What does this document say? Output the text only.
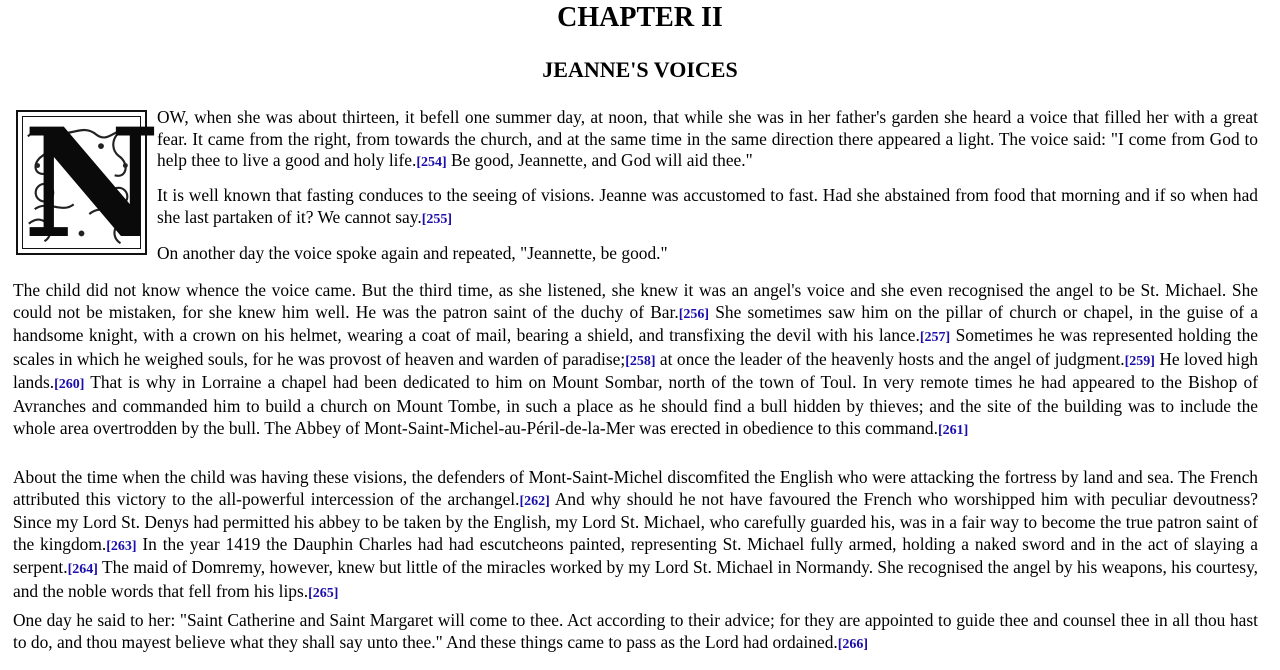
CHAPTER II
JEANNE'S VOICES
N

OW, when she was about thirteen, it befell one summer day, at noon, that while she was in her father's garden she heard a voice that filled her with a great fear. It came from the right, from towards the church, and at the same time in the same direction there appeared a light. The voice said: "I come from God to help thee to live a good and holy life.[254] Be good, Jeannette, and God will aid thee."

It is well known that fasting conduces to the seeing of visions. Jeanne was accustomed to fast. Had she abstained from food that morning and if so when had she last partaken of it? We cannot say.[255]

On another day the voice spoke again and repeated, "Jeannette, be good."

The child did not know whence the voice came. But the third time, as she listened, she knew it was an angel's voice and she even recognised the angel to be St. Michael. She could not be mistaken, for she knew him well. He was the patron saint of the duchy of Bar.[256] She sometimes saw him on the pillar of church or chapel, in the guise of a handsome knight, with a crown on his helmet, wearing a coat of mail, bearing a shield, and transfixing the devil with his lance.[257] Sometimes he was represented holding the scales in which he weighed souls, for he was provost of heaven and warden of paradise;[258] at once the leader of the heavenly hosts and the angel of judgment.[259] He loved high lands.[260] That is why in Lorraine a chapel had been dedicated to him on Mount Sombar, north of the town of Toul. In very remote times he had appeared to the Bishop of Avranches and commanded him to build a church on Mount Tombe, in such a place as he should find a bull hidden by thieves; and the site of the building was to include the whole area overtrodden by the bull. The Abbey of Mont-Saint-Michel-au-Péril-de-la-Mer was erected in obedience to this command.[261]

About the time when the child was having these visions, the defenders of Mont-Saint-Michel discomfited the English who were attacking the fortress by land and sea. The French attributed this victory to the all-powerful intercession of the archangel.[262] And why should he not have favoured the French who worshipped him with peculiar devoutness? Since my Lord St. Denys had permitted his abbey to be taken by the English, my Lord St. Michael, who carefully guarded his, was in a fair way to become the true patron saint of the kingdom.[263] In the year 1419 the Dauphin Charles had had escutcheons painted, representing St. Michael fully armed, holding a naked sword and in the act of slaying a serpent.[264] The maid of Domremy, however, knew but little of the miracles worked by my Lord St. Michael in Normandy. She recognised the angel by his weapons, his courtesy, and the noble words that fell from his lips.[265]

One day he said to her: "Saint Catherine and Saint Margaret will come to thee. Act according to their advice; for they are appointed to guide thee and counsel thee in all thou hast to do, and thou mayest believe what they shall say unto thee." And these things came to pass as the Lord had ordained.[266]
